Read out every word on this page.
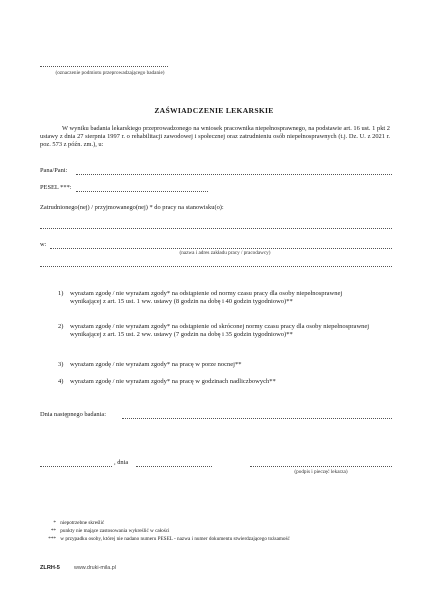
(oznaczenie podmiotu przeprowadzającego badanie)
ZAŚWIADCZENIE LEKARSKIE
W wyniku badania lekarskiego przeprowadzonego na wniosek pracownika niepełnosprawnego, na podstawie art. 16 ust. 1 pkt 2 ustawy z dnia 27 sierpnia 1997 r. o rehabilitacji zawodowej i społecznej oraz zatrudnieniu osób niepełnosprawnych (t.j. Dz. U. z 2021 r. poz. 573 z późn. zm.), u:
Pana/Pani:
PESEL ***:
Zatrudnionego(nej) / przyjmowanego(nej) * do pracy na stanowisku(o):
w:
(nazwa i adres zakładu pracy / pracodawcy)
1) wyrażam zgodę / nie wyrażam zgody* na odstąpienie od normy czasu pracy dla osoby niepełnosprawnej wynikającej z art. 15 ust. 1 ww. ustawy (8 godzin na dobę i 40 godzin tygodniowo)**
2) wyrażam zgodę / nie wyrażam zgody* na odstąpienie od skróconej normy czasu pracy dla osoby niepełnosprawnej wynikającej z art. 15 ust. 2 ww. ustawy (7 godzin na dobę i 35 godzin tygodniowo)**
3) wyrażam zgodę / nie wyrażam zgody* na pracę w porze nocnej**
4) wyrażam zgodę / nie wyrażam zgody* na pracę w godzinach nadliczbowych**
Dnia następnego badania:
, dnia
(podpis i pieczęć lekarza)
* niepotrzebne skreślić
** punkty nie mające zastosowania wykreślić w całości
*** w przypadku osoby, której nie nadano numeru PESEL - nazwa i numer dokumentu stwierdzającego tożsamość
ZLRH-5	www.druki-mila.pl
